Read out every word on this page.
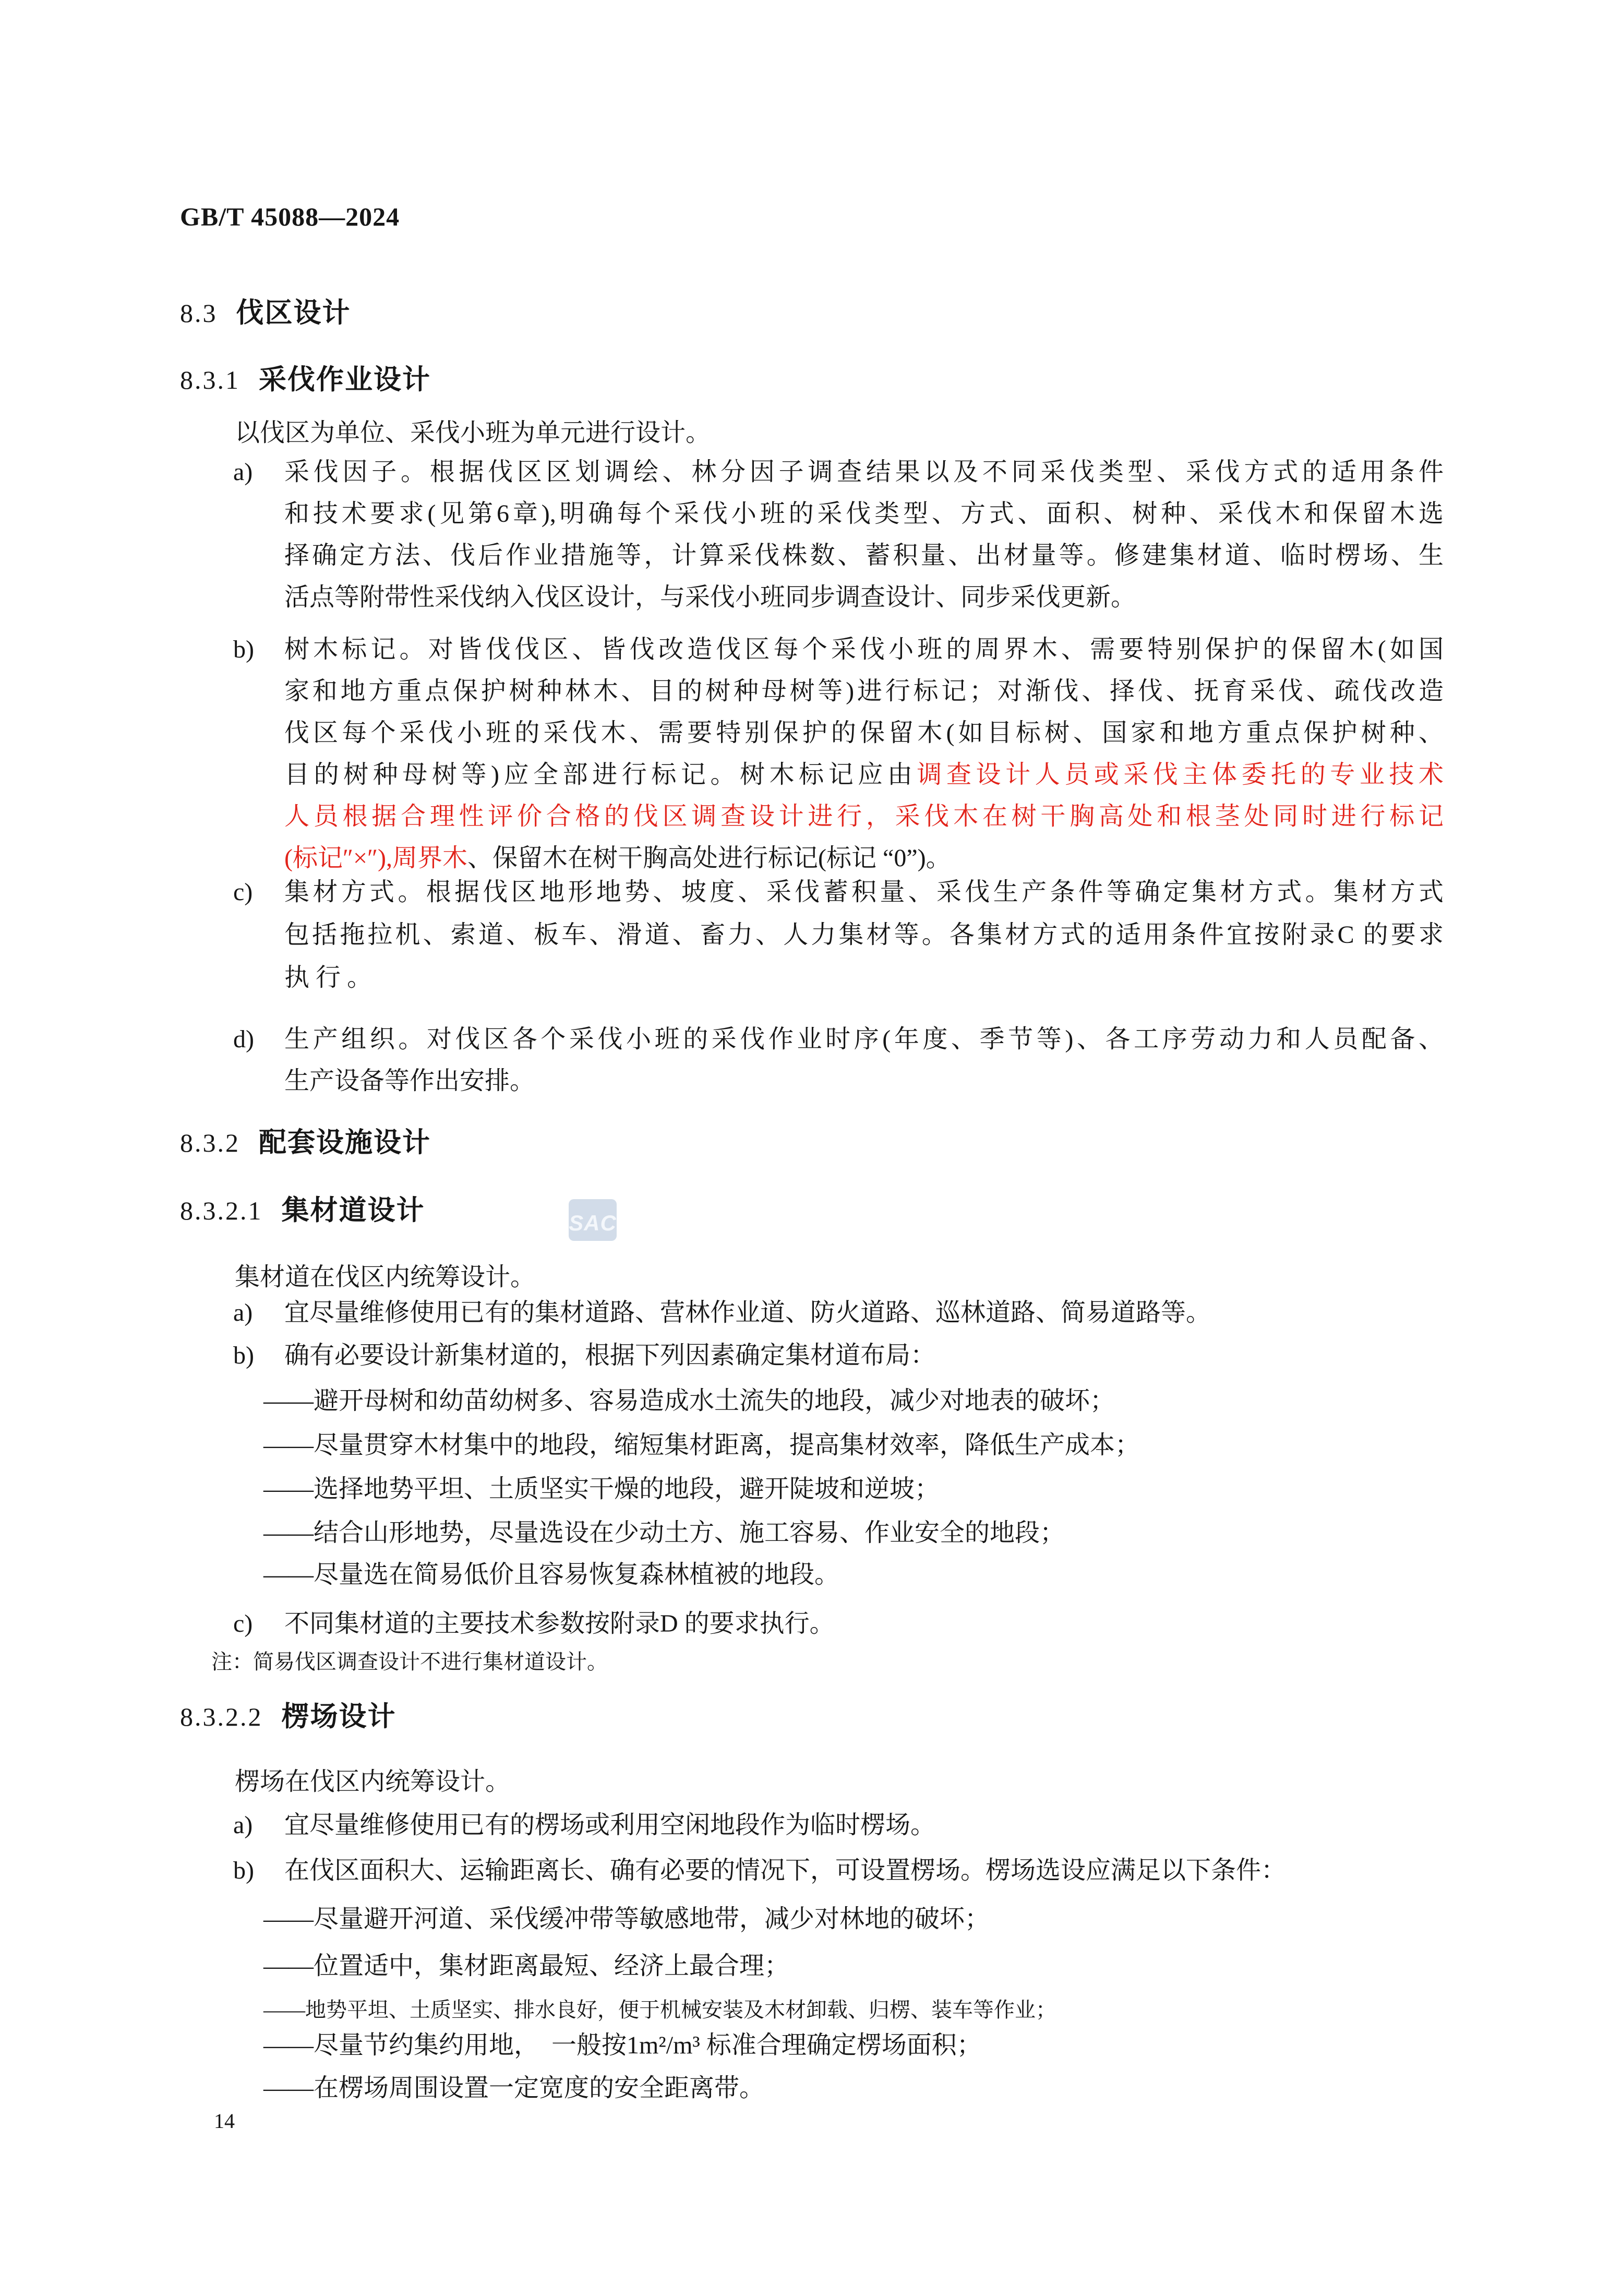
GB/T 45088—2024
8.3 伐区设计
8.3.1 采伐作业设计
以伐区为单位、采伐小班为单元进行设计。
a) 采伐因子。根据伐区区划调绘、林分因子调查结果以及不同采伐类型、采伐方式的适用条件
和技术要求(见第6章),明确每个采伐小班的采伐类型、方式、面积、树种、采伐木和保留木选
择确定方法、伐后作业措施等，计算采伐株数、蓄积量、出材量等。修建集材道、临时楞场、生
活点等附带性采伐纳入伐区设计，与采伐小班同步调查设计、同步采伐更新。
b) 树木标记。对皆伐伐区、皆伐改造伐区每个采伐小班的周界木、需要特别保护的保留木(如国
家和地方重点保护树种林木、目的树种母树等)进行标记；对渐伐、择伐、抚育采伐、疏伐改造
伐区每个采伐小班的采伐木、需要特别保护的保留木(如目标树、国家和地方重点保护树种、
目的树种母树等)应全部进行标记。树木标记应由调查设计人员或采伐主体委托的专业技术
人员根据合理性评价合格的伐区调查设计进行，采伐木在树干胸高处和根茎处同时进行标记
(标记″×″),周界木、保留木在树干胸高处进行标记(标记 “0”)。
c) 集材方式。根据伐区地形地势、坡度、采伐蓄积量、采伐生产条件等确定集材方式。集材方式
包括拖拉机、索道、板车、滑道、畜力、人力集材等。各集材方式的适用条件宜按附录C 的要求
执 行 。
d) 生产组织。对伐区各个采伐小班的采伐作业时序(年度、季节等)、各工序劳动力和人员配备、
生产设备等作出安排。
8.3.2 配套设施设计
8.3.2.1 集材道设计	SAC
集材道在伐区内统筹设计。
a) 宜尽量维修使用已有的集材道路、营林作业道、防火道路、巡林道路、简易道路等。
b) 确有必要设计新集材道的，根据下列因素确定集材道布局：
——避开母树和幼苗幼树多、容易造成水土流失的地段，减少对地表的破坏；
——尽量贯穿木材集中的地段，缩短集材距离，提高集材效率，降低生产成本；
——选择地势平坦、土质坚实干燥的地段，避开陡坡和逆坡；
——结合山形地势，尽量选设在少动土方、施工容易、作业安全的地段；
——尽量选在简易低价且容易恢复森林植被的地段。
c) 不同集材道的主要技术参数按附录D 的要求执行。
注：简易伐区调查设计不进行集材道设计。
8.3.2.2 楞场设计
楞场在伐区内统筹设计。
a) 宜尽量维修使用已有的楞场或利用空闲地段作为临时楞场。
b) 在伐区面积大、运输距离长、确有必要的情况下，可设置楞场。楞场选设应满足以下条件：
——尽量避开河道、采伐缓冲带等敏感地带，减少对林地的破坏；
——位置适中，集材距离最短、经济上最合理；
——地势平坦、土质坚实、排水良好，便于机械安装及木材卸载、归楞、装车等作业；
——尽量节约集约用地，　一般按1m²/m³ 标准合理确定楞场面积；
——在楞场周围设置一定宽度的安全距离带。
14
